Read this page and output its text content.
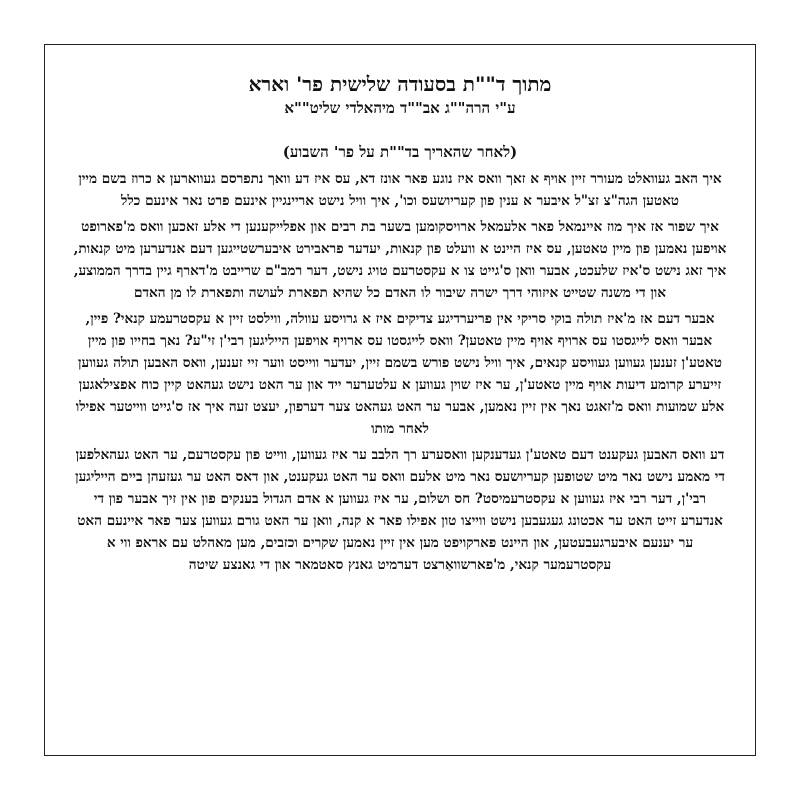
מתוך ד""ת בסעודה שלישית פר' וארא
ע"י הרה""ג אב""ד מיהאלדי שליט""א
(לאחר שהאריך בד""ת על פר' השבוע)

איך האב געוואלט מעורר זיין אויף א זאך וואס איז נוגע פאר אונז דא, עס איז דע וואך נתפרסם געווארען א כרוז בשם מיין טאטען הגה"צ זצ"ל איבער א ענין פון קעריושעס וכו', איך וויל נישט אריינגיין אינעם פרט נאר אינעם כלל

איך שפור אז איך מוז איינמאל פאר אלעמאל ארויסקומען בשער בת רבים און אפלייקענען די אלע זאכען וואס מ'פארופט אויפען נאמען פון מיין טאטען, עס איז היינט א וועלט פון קנאות, יעדער פראבירט איבערשטייגען דעם אנדערען מיט קנאות, איך זאג נישט ס'איז שלעכט, אבער וואן ס'גייט צו א עקסטרעם טויג נישט, דער רמב"ם שרייבט מ'דארף גיין בדרך הממוצע, און די משנה שטייט איזוהי דרך ישרה שיבור לו האדם כל שהיא תפארת לעושה ותפארת לו מן האדם

אבער דעם אז מ'איז תולה בוקי סריקי אין פריערדיגע צדיקים איז א גרויסע עוולה, ווילסט זיין א עקסטרעמע קנאי? פיין, אבער וואס לייגסטו עס ארויף אויף מיין טאטען? וואס לייגסטו עס ארויף אויפען הייליגען רבי'ן זי"ע? נאך בחייו פון מיין טאטע'ן זענען געווען געוויסע קנאים, איך וויל נישט פורש בשמם זיין, יעדער ווייסט ווער זיי זענען, וואס האבען תולה געווען זייערע קרומע דיעות אויף מיין טאטע'ן, ער איז שוין געווען א עלטערער ייד און ער האט נישט געהאט קיין כוח אפצילאגען אלע שמועות וואס מ'זאגט נאך אין זיין נאמען, אבער ער האט געהאט צער דערפון, יעצט זעה איך אז ס'גייט ווייטער אפילו לאחר מותו

דע וואס האבען געקענט דעם טאטע'ן געדענקען וואסערע רך הלבב ער איז געווען, ווייט פון עקסטרעם, ער האט געהאלפען די מאמע נישט נאר מיט שטופען קעריושעס נאר מיט אלעם וואס ער האט געקענט, און דאס האט ער געזעהן ביים הייליגען רבי'ן, דער רבי איז געווען א עקסטרעמיסט? חס ושלום, ער איז געווען א אדם הגדול בענקים פון אין זיך אבער פון די אנדערע זייט האט ער אכטונג געגעבען נישט ווייצו טון אפילו פאר א קנה, וואן ער האט גורם געווען צער פאר איינעם האט ער יענעם איבערגעבעטען, און היינט פארקויפט מען אין זיין נאמען שקרים וכזבים, מען מאהלט עם אראפ ווי א עקסטרעמער קנאי, מ'פארשוואַרצט דערמיט גאנץ סאטמאר און די גאנצע שיטה
